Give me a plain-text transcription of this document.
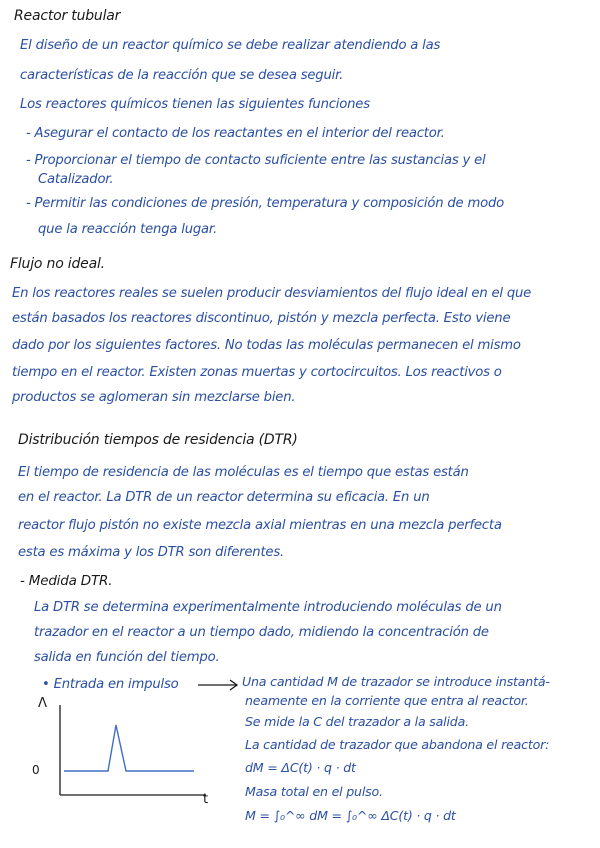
Reactor tubular
El diseño de un reactor químico se debe realizar atendiendo a las
características de la reacción que se desea seguir.
Los reactores químicos tienen las siguientes funciones
- Asegurar el contacto de los reactantes en el interior del reactor.
- Proporcionar el tiempo de contacto suficiente entre las sustancias y el
Catalizador.
- Permitir las condiciones de presión, temperatura y composición de modo
que la reacción tenga lugar.
Flujo no ideal.
En los reactores reales se suelen producir desviamientos del flujo ideal en el que
están basados los reactores discontinuo, pistón y mezcla perfecta. Esto viene
dado por los siguientes factores. No todas las moléculas permanecen el mismo
tiempo en el reactor. Existen zonas muertas y cortocircuitos. Los reactivos o
productos se aglomeran sin mezclarse bien.
Distribución tiempos de residencia (DTR)
El tiempo de residencia de las moléculas es el tiempo que estas están
en el reactor. La DTR de un reactor determina su eficacia. En un
reactor flujo pistón no existe mezcla axial mientras en una mezcla perfecta
esta es máxima y los DTR son diferentes.
- Medida DTR.
La DTR se determina experimentalmente introduciendo moléculas de un
trazador en el reactor a un tiempo dado, midiendo la concentración de
salida en función del tiempo.
• Entrada en impulso	Una cantidad M de trazador se introduce instantá-
neamente en la corriente que entra al reactor.
Se mide la C del trazador a la salida.
La cantidad de trazador que abandona el reactor:
dM = ΔC(t) · q · dt
Masa total en el pulso.
M = ∫₀^∞ dM = ∫₀^∞ ΔC(t) · q · dt
Λ
0
t
